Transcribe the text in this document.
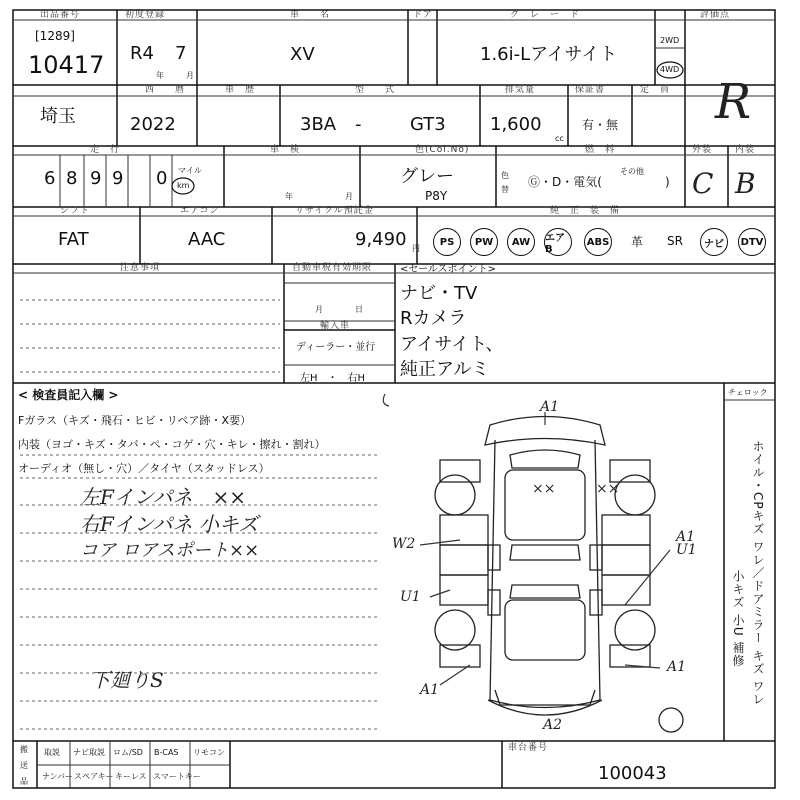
出品番号
[1289]
10417
初度登録
R4 7
年	月
車　　名
XV
ドア	グ　レ　ー　ド
1.6i-Lアイサイト
2WD
4WD
評価点
R
埼玉
西　　暦
2022
車　歴	型　　式
3BA -	GT3
排気量
1,600
cc
保証書
有・無
定　員
走　行
6 8 9 9 0 マイル
km
車　検
年	月
色(Col.No)
グレー
P8Y
色
替
燃　料
Ⓖ・D・電気(
その他
)
外装	内装
C B
シフト
FAT
エアコン
AAC
リサイクル預託金
9,490 円
純　正　装　備
PS	PW	AW	エアB
ABS	革	SR	ナビ	DTV
注意事項	自動車税有効期限
月	日
輸入車
ディーラー・並行
左H　・　右H
<セールスポイント>
ナビ・TV
Rカメラ
アイサイト、
純正アルミ
< 検査員記入欄 >
Fガラス（キズ・飛石・ヒビ・リペア跡・X要）
内装（ヨゴ・キズ・タバ・ペ・コゲ・穴・キレ・擦れ・割れ）
オーディオ（無し・穴）／タイヤ（スタッドレス）
左Fインパネ　××
右Fインパネ 小キズ
コア ロアスポート××
下廻りS
A1
××	××
W2
U1
U1
A1
A1
A2
A1
チェロック
ホイル・CPキズ ワレ／ドアミラー キズ ワレ
小キズ 小U 補修
搬
送
品
取説 ナビ取説 ロム/SD B-CAS リモコン
ナンバー スペアキー キーレス スマートキー
車台番号
100043
